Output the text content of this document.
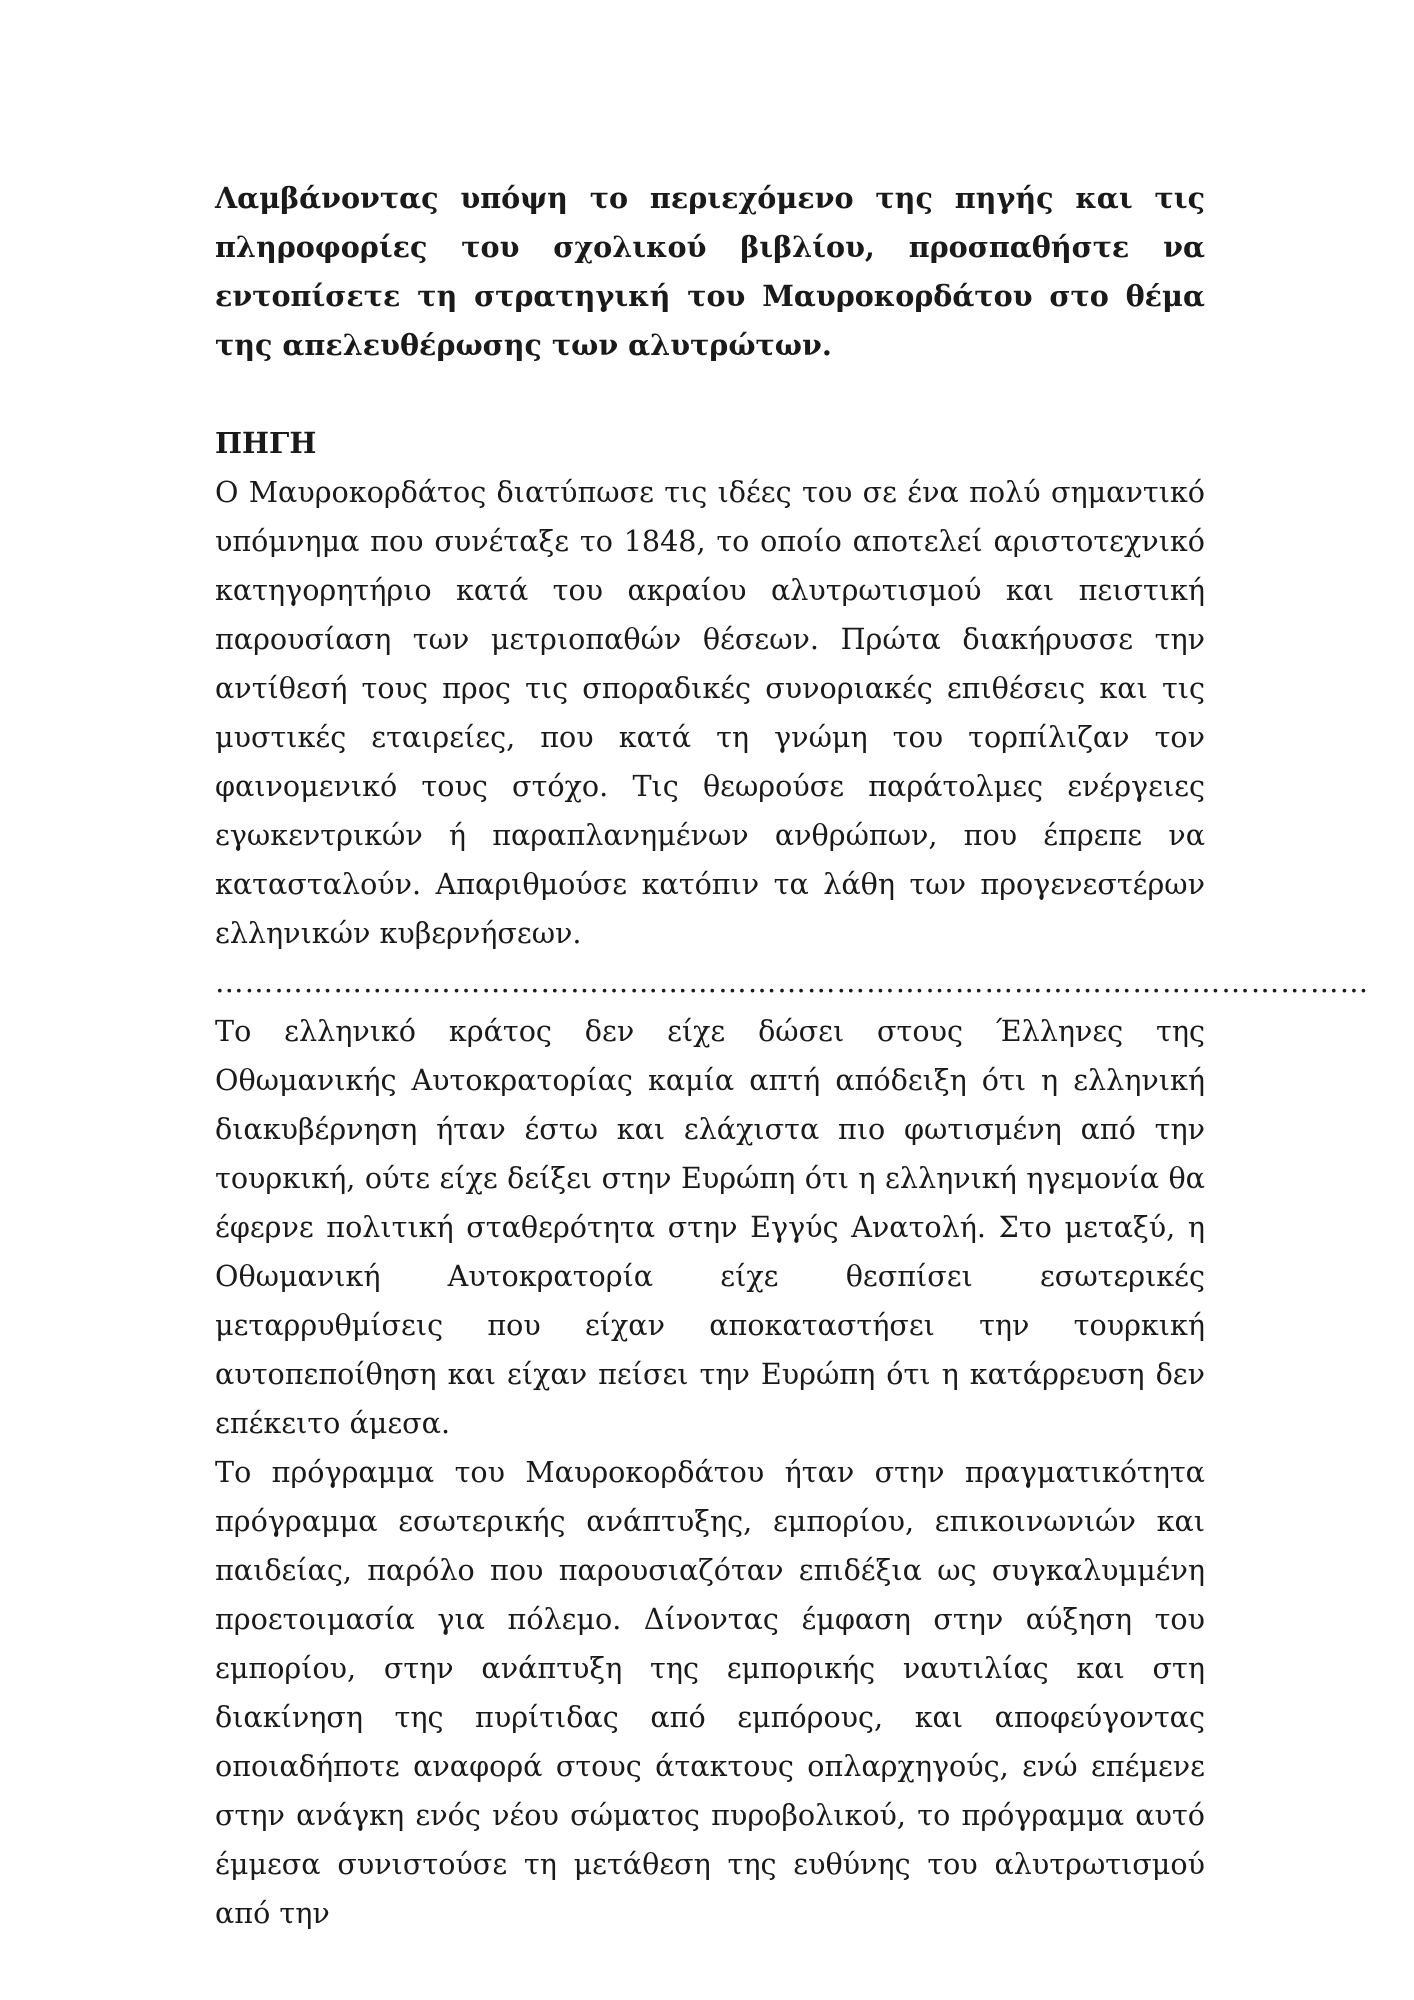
Λαμβάνοντας υπόψη το περιεχόμενο της πηγής και τις πληροφορίες του σχολικού βιβλίου, προσπαθήστε να εντοπίσετε τη στρατηγική του Μαυροκορδάτου στο θέμα της απελευθέρωσης των αλυτρώτων.

ΠΗΓΗ

Ο Μαυροκορδάτος διατύπωσε τις ιδέες του σε ένα πολύ σημαντικό υπόμνημα που συνέταξε το 1848, το οποίο αποτελεί αριστοτεχνικό κατηγορητήριο κατά του ακραίου αλυτρωτισμού και πειστική παρουσίαση των μετριοπαθών θέσεων. Πρώτα διακήρυσσε την αντίθεσή τους προς τις σποραδικές συνοριακές επιθέσεις και τις μυστικές εταιρείες, που κατά τη γνώμη του τορπίλιζαν τον φαινομενικό τους στόχο. Τις θεωρούσε παράτολμες ενέργειες εγωκεντρικών ή παραπλανημένων ανθρώπων, που έπρεπε να κατασταλούν. Απαριθμούσε κατόπιν τα λάθη των προγενεστέρων ελληνικών κυβερνήσεων.

………………………………………………………………………………………………………

Το ελληνικό κράτος δεν είχε δώσει στους Έλληνες της Οθωμανικής Αυτοκρατορίας καμία απτή απόδειξη ότι η ελληνική διακυβέρνηση ήταν έστω και ελάχιστα πιο φωτισμένη από την τουρκική, ούτε είχε δείξει στην Ευρώπη ότι η ελληνική ηγεμονία θα έφερνε πολιτική σταθερότητα στην Εγγύς Ανατολή. Στο μεταξύ, η Οθωμανική Αυτοκρατορία είχε θεσπίσει εσωτερικές μεταρρυθμίσεις που είχαν αποκαταστήσει την τουρκική αυτοπεποίθηση και είχαν πείσει την Ευρώπη ότι η κατάρρευση δεν επέκειτο άμεσα.

Το πρόγραμμα του Μαυροκορδάτου ήταν στην πραγματικότητα πρόγραμμα εσωτερικής ανάπτυξης, εμπορίου, επικοινωνιών και παιδείας, παρόλο που παρουσιαζόταν επιδέξια ως συγκαλυμμένη προετοιμασία για πόλεμο. Δίνοντας έμφαση στην αύξηση του εμπορίου, στην ανάπτυξη της εμπορικής ναυτιλίας και στη διακίνηση της πυρίτιδας από εμπόρους, και αποφεύγοντας οποιαδήποτε αναφορά στους άτακτους οπλαρχηγούς, ενώ επέμενε στην ανάγκη ενός νέου σώματος πυροβολικού, το πρόγραμμα αυτό έμμεσα συνιστούσε τη μετάθεση της ευθύνης του αλυτρωτισμού από την
